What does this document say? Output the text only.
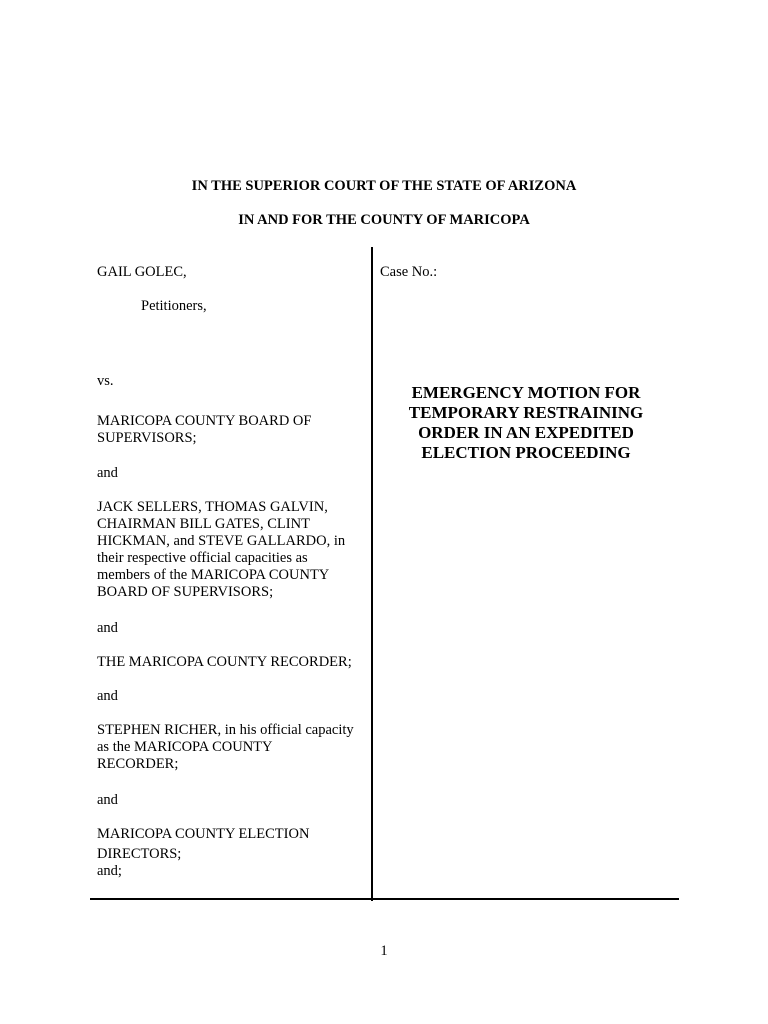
IN THE SUPERIOR COURT OF THE STATE OF ARIZONA
IN AND FOR THE COUNTY OF MARICOPA
GAIL GOLEC,
Petitioners,
vs.
MARICOPA COUNTY BOARD OF
SUPERVISORS;
and
JACK SELLERS, THOMAS GALVIN,
CHAIRMAN BILL GATES, CLINT
HICKMAN, and STEVE GALLARDO, in
their respective official capacities as
members of the MARICOPA COUNTY
BOARD OF SUPERVISORS;
and
THE MARICOPA COUNTY RECORDER;
and
STEPHEN RICHER, in his official capacity
as the MARICOPA COUNTY
RECORDER;
and
MARICOPA COUNTY ELECTION
DIRECTORS;
and;
Case No.:
EMERGENCY MOTION FOR
TEMPORARY RESTRAINING
ORDER IN AN EXPEDITED
ELECTION PROCEEDING
1
